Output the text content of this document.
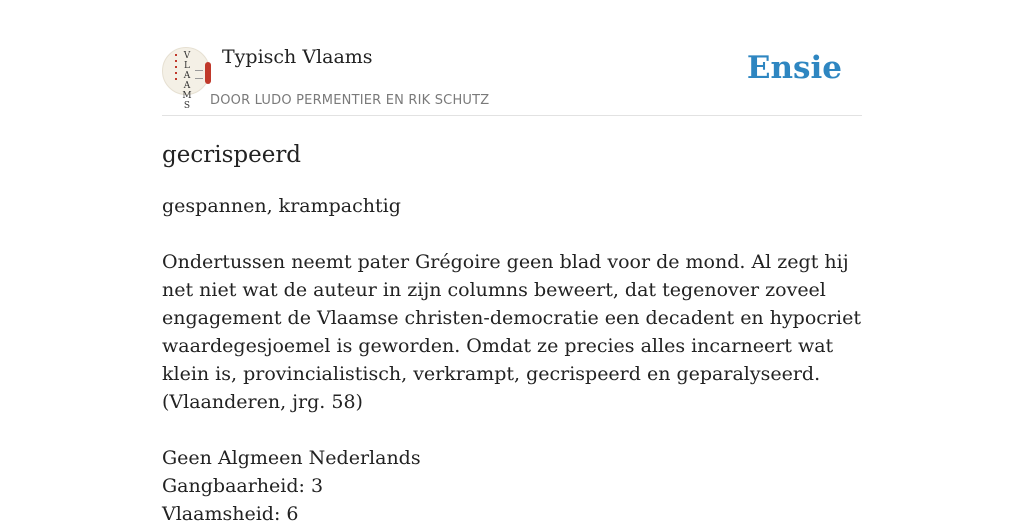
VLAAMS
Typisch Vlaams
DOOR LUDO PERMENTIER EN RIK SCHUTZ
Ensie
gecrispeerd

gespannen, krampachtig

Ondertussen neemt pater Grégoire geen blad voor de mond. Al zegt hij net niet wat de auteur in zijn columns beweert, dat tegenover zoveel engagement de Vlaamse christen-democratie een decadent en hypocriet waardegesjoemel is geworden. Omdat ze precies alles incarneert wat klein is, provincialistisch, verkrampt, gecrispeerd en geparalyseerd.

(Vlaanderen, jrg. 58)

Geen Algmeen Nederlands
Gangbaarheid: 3
Vlaamsheid: 6
